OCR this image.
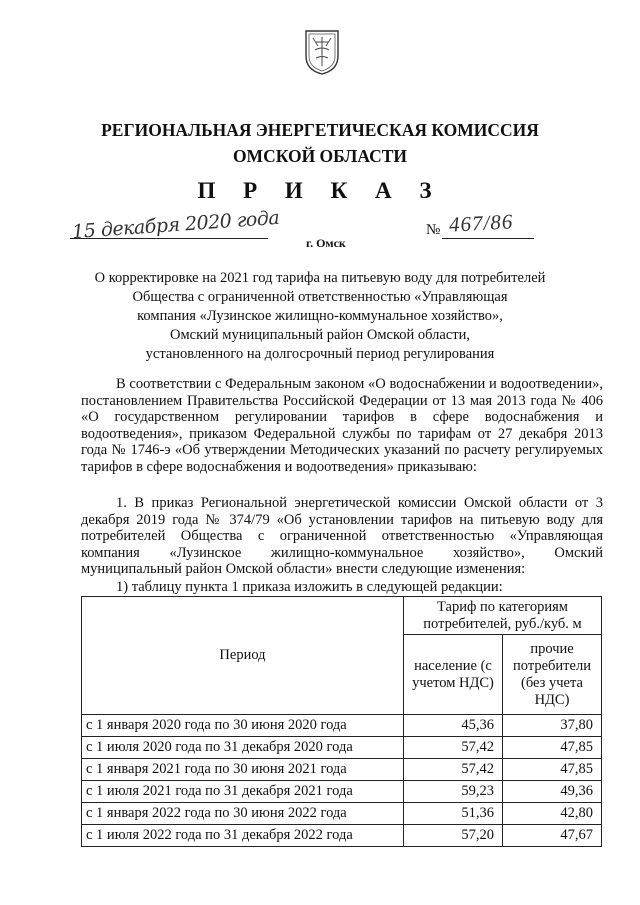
РЕГИОНАЛЬНАЯ ЭНЕРГЕТИЧЕСКАЯ КОМИССИЯ
ОМСКОЙ ОБЛАСТИ
П Р И К А З
15 декабря 2020 года г. Омск
№ 467/86
О корректировке на 2021 год тарифа на питьевую воду для потребителей
Общества с ограниченной ответственностью «Управляющая
компания «Лузинское жилищно-коммунальное хозяйство»,
Омский муниципальный район Омской области,
установленного на долгосрочный период регулирования
В соответствии с Федеральным законом «О водоснабжении и водоотведении», постановлением Правительства Российской Федерации от 13 мая 2013 года № 406 «О государственном регулировании тарифов в сфере водоснабжения и водоотведения», приказом Федеральной службы по тарифам от 27 декабря 2013 года № 1746-э «Об утверждении Методических указаний по расчету регулируемых тарифов в сфере водоснабжения и водоотведения» приказываю:
1. В приказ Региональной энергетической комиссии Омской области от 3 декабря 2019 года № 374/79 «Об установлении тарифов на питьевую воду для потребителей Общества с ограниченной ответственностью «Управляющая компания «Лузинское жилищно-коммунальное хозяйство», Омский муниципальный район Омской области» внести следующие изменения:
1) таблицу пункта 1 приказа изложить в следующей редакции:
Период	Тариф по категориям потребителей, руб./куб. м	
	население (с учетом НДС)	прочие потребители (без учета НДС)
с 1 января 2020 года по 30 июня 2020 года	45,36	37,80
с 1 июля 2020 года по 31 декабря 2020 года	57,42	47,85
с 1 января 2021 года по 30 июня 2021 года	57,42	47,85
с 1 июля 2021 года по 31 декабря 2021 года	59,23	49,36
с 1 января 2022 года по 30 июня 2022 года	51,36	42,80
с 1 июля 2022 года по 31 декабря 2022 года	57,20	47,67
